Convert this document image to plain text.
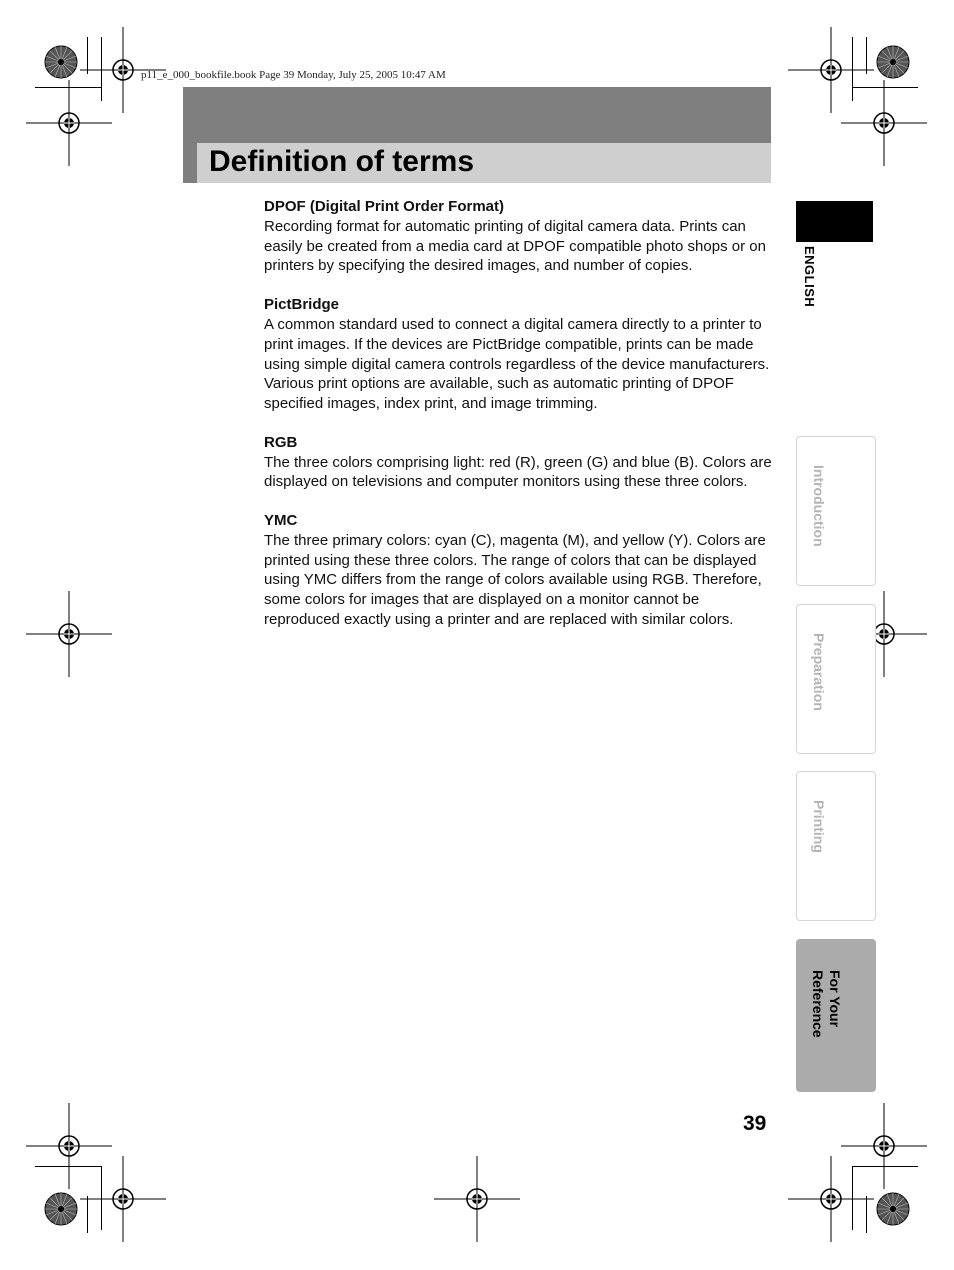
p11_e_000_bookfile.book Page 39 Monday, July 25, 2005 10:47 AM
Definition of terms

DPOF (Digital Print Order Format)

Recording format for automatic printing of digital camera data. Prints can easily be created from a media card at DPOF compatible photo shops or on printers by specifying the desired images, and number of copies.

PictBridge

A common standard used to connect a digital camera directly to a printer to print images. If the devices are PictBridge compatible, prints can be made using simple digital camera controls regardless of the device manufacturers. Various print options are available, such as automatic printing of DPOF specified images, index print, and image trimming.

RGB

The three colors comprising light: red (R), green (G) and blue (B). Colors are displayed on televisions and computer monitors using these three colors.

YMC

The three primary colors: cyan (C), magenta (M), and yellow (Y). Colors are printed using these three colors. The range of colors that can be displayed using YMC differs from the range of colors available using RGB. Therefore, some colors for images that are displayed on a monitor cannot be reproduced exactly using a printer and are replaced with similar colors.

ENGLISH
Introduction
Preparation
Printing
For Your
Reference
39
